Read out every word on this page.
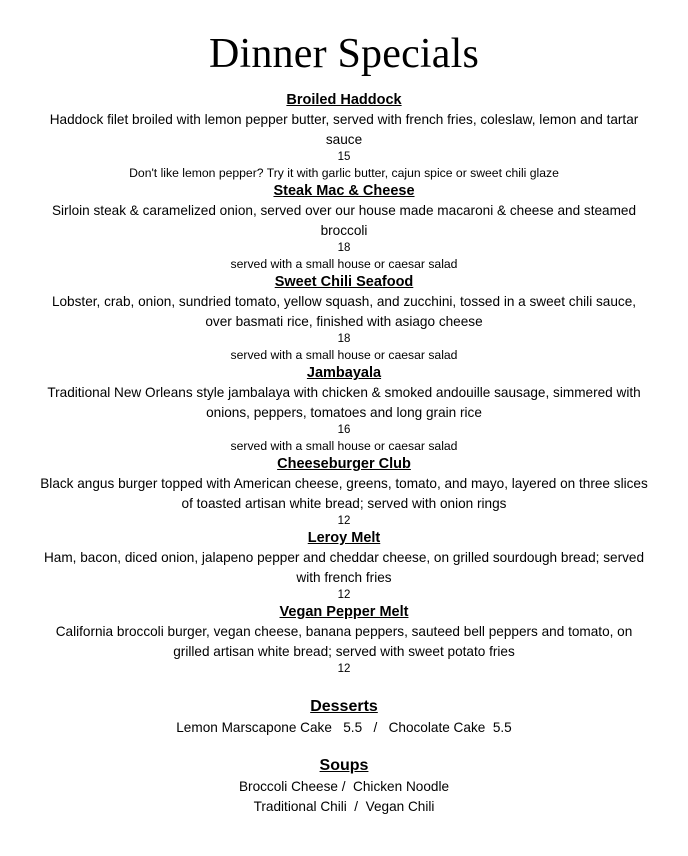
Dinner Specials

Broiled Haddock

Haddock filet broiled with lemon pepper butter, served with french fries, coleslaw, lemon and tartar sauce

15

Don't like lemon pepper? Try it with garlic butter, cajun spice or sweet chili glaze

Steak Mac & Cheese

Sirloin steak & caramelized onion, served over our house made macaroni & cheese and steamed broccoli

18

served with a small house or caesar salad

Sweet Chili Seafood

Lobster, crab, onion, sundried tomato, yellow squash, and zucchini, tossed in a sweet chili sauce, over basmati rice, finished with asiago cheese

18

served with a small house or caesar salad

Jambayala

Traditional New Orleans style jambalaya with chicken & smoked andouille sausage, simmered with onions, peppers, tomatoes and long grain rice

16

served with a small house or caesar salad

Cheeseburger Club

Black angus burger topped with American cheese, greens, tomato, and mayo, layered on three slices of toasted artisan white bread; served with onion rings

12

Leroy Melt

Ham, bacon, diced onion, jalapeno pepper and cheddar cheese, on grilled sourdough bread; served with french fries

12

Vegan Pepper Melt

California broccoli burger, vegan cheese, banana peppers, sauteed bell peppers and tomato, on grilled artisan white bread; served with sweet potato fries

12

Desserts

Lemon Marscapone Cake   5.5   /   Chocolate Cake  5.5

Soups

Broccoli Cheese /  Chicken Noodle

Traditional Chili  /  Vegan Chili
